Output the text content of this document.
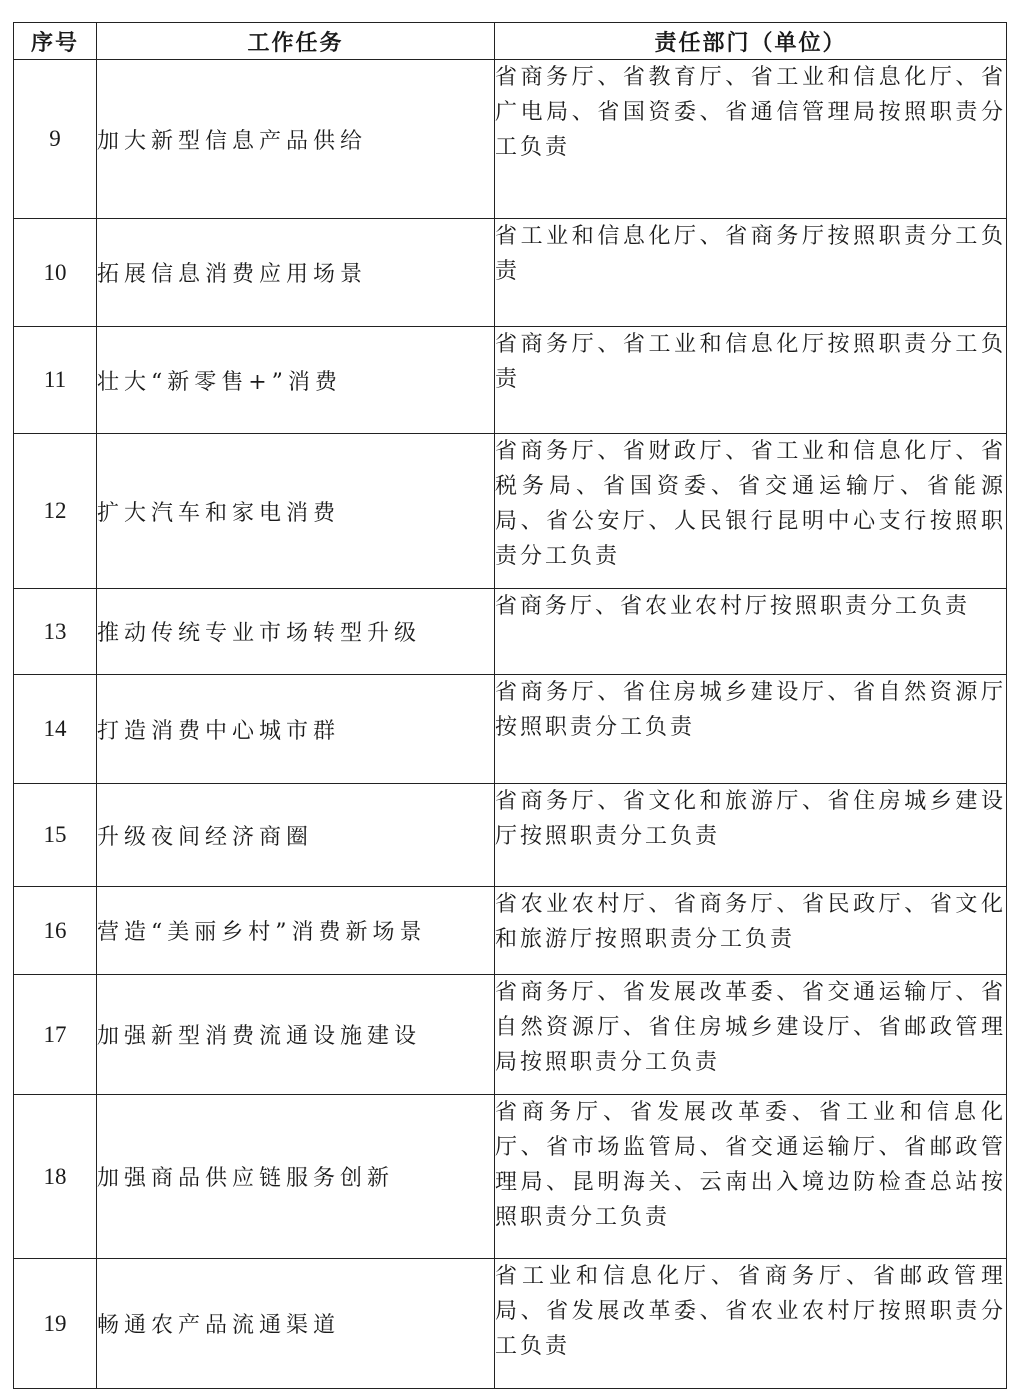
序号	工作任务	责任部门（单位）
9	加大新型信息产品供给	省商务厅、省教育厅、省工业和信息化厅、省广电局、省国资委、省通信管理局按照职责分工负责
10	拓展信息消费应用场景	省工业和信息化厅、省商务厅按照职责分工负责
11	壮大“新零售+”消费	省商务厅、省工业和信息化厅按照职责分工负责
12	扩大汽车和家电消费	省商务厅、省财政厅、省工业和信息化厅、省税务局、省国资委、省交通运输厅、省能源局、省公安厅、人民银行昆明中心支行按照职责分工负责
13	推动传统专业市场转型升级	省商务厅、省农业农村厅按照职责分工负责
14	打造消费中心城市群	省商务厅、省住房城乡建设厅、省自然资源厅按照职责分工负责
15	升级夜间经济商圈	省商务厅、省文化和旅游厅、省住房城乡建设厅按照职责分工负责
16	营造“美丽乡村”消费新场景	省农业农村厅、省商务厅、省民政厅、省文化和旅游厅按照职责分工负责
17	加强新型消费流通设施建设	省商务厅、省发展改革委、省交通运输厅、省自然资源厅、省住房城乡建设厅、省邮政管理局按照职责分工负责
18	加强商品供应链服务创新	省商务厅、省发展改革委、省工业和信息化厅、省市场监管局、省交通运输厅、省邮政管理局、昆明海关、云南出入境边防检查总站按照职责分工负责
19	畅通农产品流通渠道	省工业和信息化厅、省商务厅、省邮政管理局、省发展改革委、省农业农村厅按照职责分工负责
